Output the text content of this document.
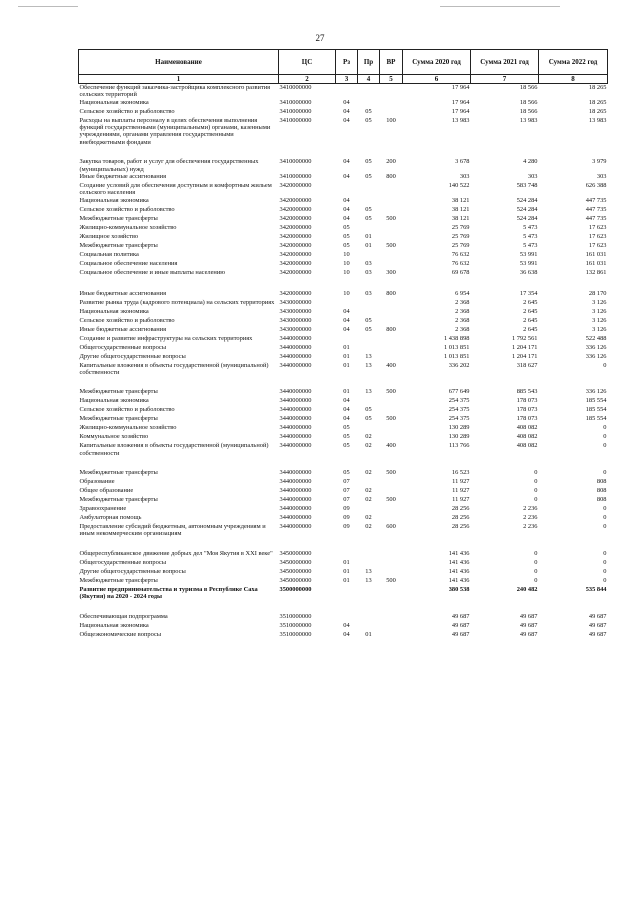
27
Наименование	ЦС	Рз	Пр	ВР	Сумма 2020 год	Сумма 2021 год	Сумма 2022 год
1	2	3	4	5	6	7	8
Обеспечение функций заказчика-застройщика комплексного развития сельских территорий	3410000000				17 964	18 566	18 265
Национальная экономика	3410000000	04			17 964	18 566	18 265
Сельское хозяйство и рыболовство	3410000000	04	05		17 964	18 566	18 265
Расходы на выплаты персоналу в целях обеспечения выполнения функций государственными (муниципальными) органами, казенными учреждениями, органами управления государственными внебюджетными фондами	3410000000	04	05	100	13 983	13 983	13 983

Закупка товаров, работ и услуг для обеспечения государственных (муниципальных) нужд	3410000000	04	05	200	3 678	4 280	3 979
Иные бюджетные ассигнования	3410000000	04	05	800	303	303	303
Создание условий для обеспечения доступным и комфортным жильем сельского населения	3420000000				140 522	583 748	626 388
Национальная экономика	3420000000	04			38 121	524 284	447 735
Сельское хозяйство и рыболовство	3420000000	04	05		38 121	524 284	447 735
Межбюджетные трансферты	3420000000	04	05	500	38 121	524 284	447 735
Жилищно-коммунальное хозяйство	3420000000	05			25 769	5 473	17 623
Жилищное хозяйство	3420000000	05	01		25 769	5 473	17 623
Межбюджетные трансферты	3420000000	05	01	500	25 769	5 473	17 623
Социальная политика	3420000000	10			76 632	53 991	161 031
Социальное обеспечение населения	3420000000	10	03		76 632	53 991	161 031
Социальное обеспечение и иные выплаты населению	3420000000	10	03	300	69 678	36 638	132 861

Иные бюджетные ассигнования	3420000000	10	03	800	6 954	17 354	28 170
Развитие рынка труда (кадрового потенциала) на сельских территориях	3430000000				2 368	2 645	3 126
Национальная экономика	3430000000	04			2 368	2 645	3 126
Сельское хозяйство и рыболовство	3430000000	04	05		2 368	2 645	3 126
Иные бюджетные ассигнования	3430000000	04	05	800	2 368	2 645	3 126
Создание и развитие инфраструктуры на сельских территориях	3440000000				1 438 898	1 792 561	522 488
Общегосударственные вопросы	3440000000	01			1 013 851	1 204 171	336 126
Другие общегосударственные вопросы	3440000000	01	13		1 013 851	1 204 171	336 126
Капитальные вложения в объекты государственной (муниципальной) собственности	3440000000	01	13	400	336 202	318 627	0

Межбюджетные трансферты	3440000000	01	13	500	677 649	885 543	336 126
Национальная экономика	3440000000	04			254 375	178 073	185 554
Сельское хозяйство и рыболовство	3440000000	04	05		254 375	178 073	185 554
Межбюджетные трансферты	3440000000	04	05	500	254 375	178 073	185 554
Жилищно-коммунальное хозяйство	3440000000	05			130 289	408 082	0
Коммунальное хозяйство	3440000000	05	02		130 289	408 082	0
Капитальные вложения в объекты государственной (муниципальной) собственности	3440000000	05	02	400	113 766	408 082	0

Межбюджетные трансферты	3440000000	05	02	500	16 523	0	0
Образование	3440000000	07			11 927	0	808
Общее образование	3440000000	07	02		11 927	0	808
Межбюджетные трансферты	3440000000	07	02	500	11 927	0	808
Здравоохранение	3440000000	09			28 256	2 236	0
Амбулаторная помощь	3440000000	09	02		28 256	2 236	0
Предоставление субсидий бюджетным, автономным учреждениям и иным некоммерческим организациям	3440000000	09	02	600	28 256	2 236	0

Общереспубликанское движение добрых дел "Моя Якутия в XXI веке"	3450000000				141 436	0	0
Общегосударственные вопросы	3450000000	01			141 436	0	0
Другие общегосударственные вопросы	3450000000	01	13		141 436	0	0
Межбюджетные трансферты	3450000000	01	13	500	141 436	0	0
Развитие предпринимательства и туризма в Республике Саха (Якутия) на 2020 - 2024 годы	3500000000				380 538	240 482	535 844

Обеспечивающая подпрограмма	3510000000				49 687	49 687	49 687
Национальная экономика	3510000000	04			49 687	49 687	49 687
Общеэкономические вопросы	3510000000	04	01		49 687	49 687	49 687
